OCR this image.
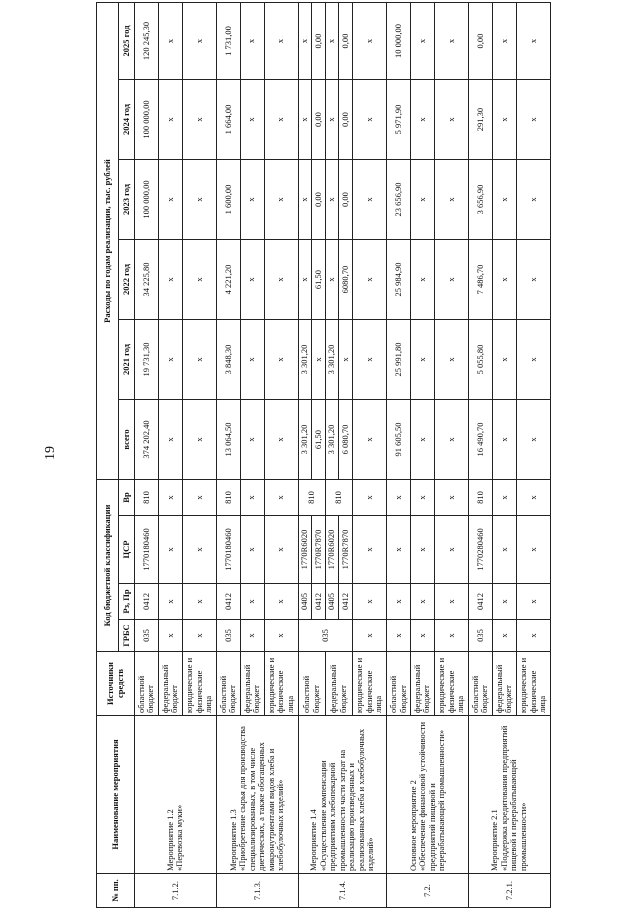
19
№ пп.	Наименование мероприятия	Источники средств	Код бюджетной классификации				Расходы по годам реализации, тыс. рублей					
			ГРБС	Рз, Пр	ЦСР	Вр	всего	2021 год	2022 год	2023 год	2024 год	2025 год
7.1.2.	Мероприятие 1.2
«Перевозка муки»	областной бюджет	035	0412	1770180460	810	374 202,40	19 731,30	34 225,80	100 000,00	100 000,00	120 245,30
		федеральный бюджет	x	x	x	x	x	x	x	x	x	x
		юридические и физические лица	x	x	x	x	x	x	x	x	x	x
7.1.3.	Мероприятие 1.3
«Приобретение сырья для производства специализированных, в том числе диетических, а также обогащенных микронутриентами видов хлеба и хлебобулочных изделий»	областной бюджет	035	0412	1770180460	810	13 064,50	3 848,30	4 221,20	1 600,00	1 664,00	1 731,00
		федеральный бюджет	x	x	x	x	x	x	x	x	x	x
		юридические и физические лица	x	x	x	x	x	x	x	x	x	x
7.1.4.	Мероприятие 1.4
«Осуществление компенсации предприятиям хлебопекарной промышленности части затрат на реализацию произведенных и реализованных хлеба и хлебобулочных изделий»	областной бюджет	035	0405	1770R6020	810	3 301,20	3 301,20	x	x	x	x
				0412	1770R7870		61,50	x	61,50	0,00	0,00	0,00
		федеральный бюджет		0405	1770R6020	810	3 301,20	3 301,20	x	x	x	x
				0412	1770R7870		6 080,70	x	6080,70	0,00	0,00	0,00
		юридические и физические лица	x	x	x	x	x	x	x	x	x	x
7.2.	Основное мероприятие 2
«Обеспечение финансовой устойчивости предприятий пищевой и перерабатывающей промышленности»	областной бюджет	x	x	x	x	91 605,50	25 991,80	25 984,90	23 656,90	5 971,90	10 000,00
		федеральный бюджет	x	x	x	x	x	x	x	x	x	x
		юридические и физические лица	x	x	x	x	x	x	x	x	x	x
7.2.1.	Мероприятие 2.1
«Поддержка кредитования предприятий пищевой и перерабатывающей промышленности»	областной бюджет	035	0412	1770280460	810	16 490,70	5 055,80	7 486,70	3 656,90	291,30	0,00
		федеральный бюджет	x	x	x	x	x	x	x	x	x	x
		юридические и физические лица	x	x	x	x	x	x	x	x	x	x
